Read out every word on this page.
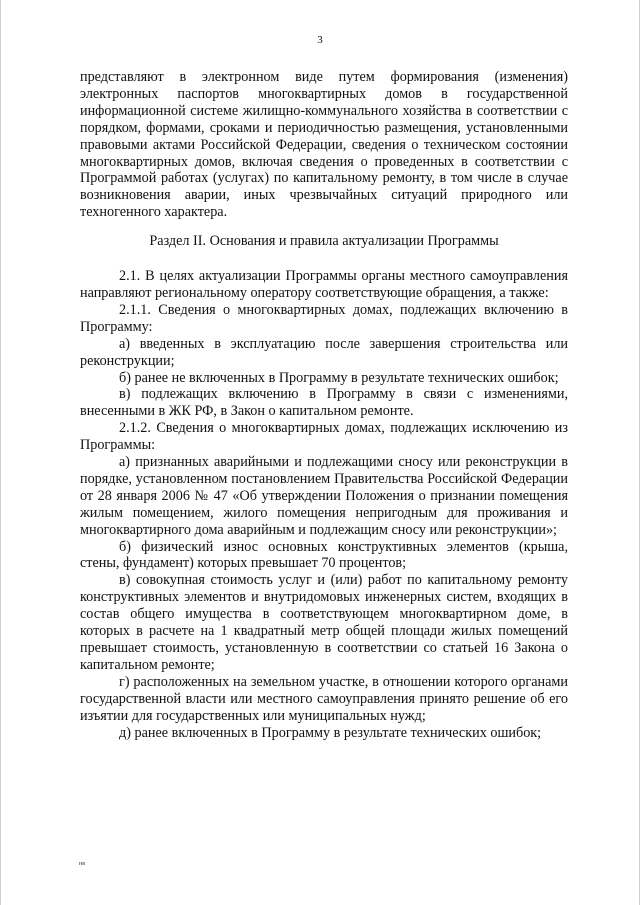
3

представляют в электронном виде путем формирования (изменения) электронных паспортов многоквартирных домов в государственной информационной системе жилищно-коммунального хозяйства в соответствии с порядком, формами, сроками и периодичностью размещения, установленными правовыми актами Российской Федерации, сведения о техническом состоянии многоквартирных домов, включая сведения о проведенных в соответствии с Программой работах (услугах) по капитальному ремонту, в том числе в случае возникновения аварии, иных чрезвычайных ситуаций природного или техногенного характера.

Раздел II. Основания и правила актуализации Программы

2.1. В целях актуализации Программы органы местного самоуправления направляют региональному оператору соответствующие обращения, а также:

2.1.1. Сведения о многоквартирных домах, подлежащих включению в Программу:

а) введенных в эксплуатацию после завершения строительства или реконструкции;

б) ранее не включенных в Программу в результате технических ошибок;

в) подлежащих включению в Программу в связи с изменениями, внесенными в ЖК РФ, в Закон о капитальном ремонте.

2.1.2. Сведения о многоквартирных домах, подлежащих исключению из Программы:

а) признанных аварийными и подлежащими сносу или реконструкции в порядке, установленном постановлением Правительства Российской Федерации от 28 января 2006 № 47 «Об утверждении Положения о признании помещения жилым помещением, жилого помещения непригодным для проживания и многоквартирного дома аварийным и подлежащим сносу или реконструкции»;

б) физический износ основных конструктивных элементов (крыша, стены, фундамент) которых превышает 70 процентов;

в) совокупная стоимость услуг и (или) работ по капитальному ремонту конструктивных элементов и внутридомовых инженерных систем, входящих в состав общего имущества в соответствующем многоквартирном доме, в которых в расчете на 1 квадратный метр общей площади жилых помещений превышает стоимость, установленную в соответствии со статьей 16 Закона о капитальном ремонте;

г) расположенных на земельном участке, в отношении которого органами государственной власти или местного самоуправления принято решение об его изъятии для государственных или муниципальных нужд;

д) ранее включенных в Программу в результате технических ошибок;

нв
